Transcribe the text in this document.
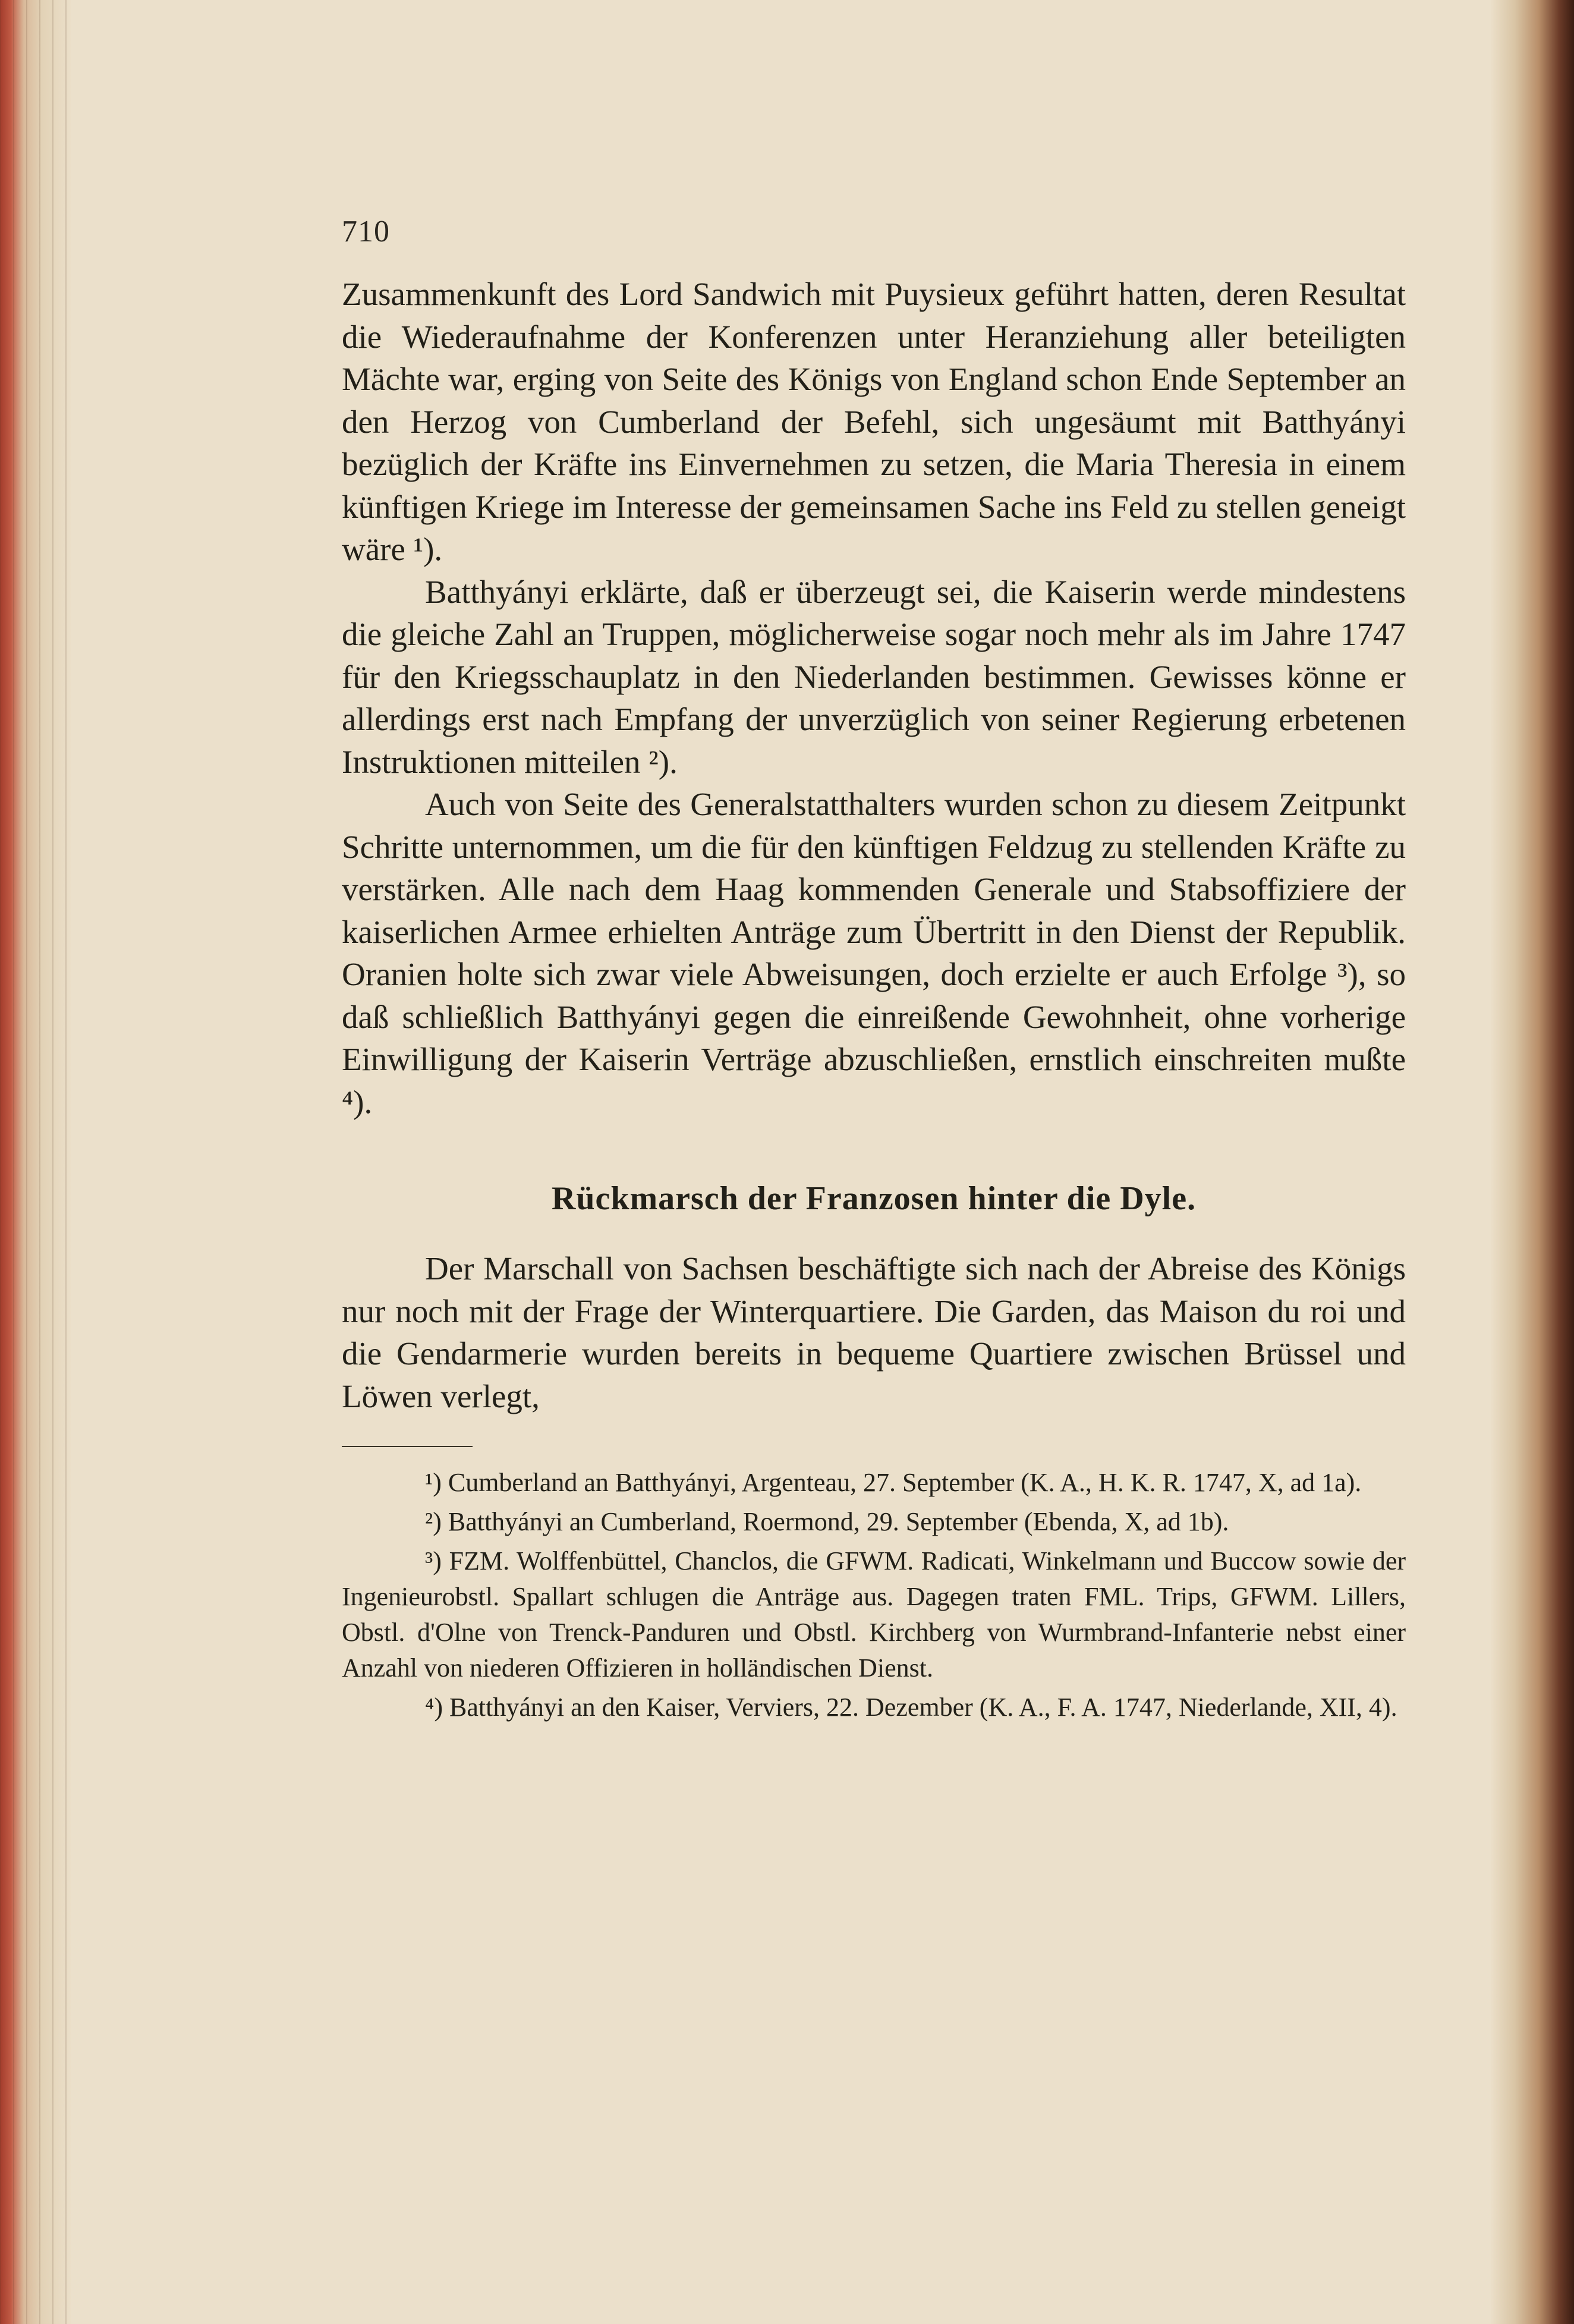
710

Zusammenkunft des Lord Sandwich mit Puysieux geführt hatten, deren Resultat die Wiederaufnahme der Konferenzen unter Heranziehung aller beteiligten Mächte war, erging von Seite des Königs von England schon Ende September an den Herzog von Cumberland der Befehl, sich ungesäumt mit Batthyányi bezüglich der Kräfte ins Einvernehmen zu setzen, die Maria Theresia in einem künftigen Kriege im Interesse der gemeinsamen Sache ins Feld zu stellen geneigt wäre ¹).

Batthyányi erklärte, daß er überzeugt sei, die Kaiserin werde mindestens die gleiche Zahl an Truppen, möglicherweise sogar noch mehr als im Jahre 1747 für den Kriegsschauplatz in den Niederlanden bestimmen. Gewisses könne er allerdings erst nach Empfang der unverzüglich von seiner Regierung erbetenen Instruktionen mitteilen ²).

Auch von Seite des Generalstatthalters wurden schon zu diesem Zeitpunkt Schritte unternommen, um die für den künftigen Feldzug zu stellenden Kräfte zu verstärken. Alle nach dem Haag kommenden Generale und Stabsoffiziere der kaiserlichen Armee erhielten Anträge zum Übertritt in den Dienst der Republik. Oranien holte sich zwar viele Abweisungen, doch erzielte er auch Erfolge ³), so daß schließlich Batthyányi gegen die einreißende Gewohnheit, ohne vorherige Einwilligung der Kaiserin Verträge abzuschließen, ernstlich einschreiten mußte ⁴).

Rückmarsch der Franzosen hinter die Dyle.

Der Marschall von Sachsen beschäftigte sich nach der Abreise des Königs nur noch mit der Frage der Winterquartiere. Die Garden, das Maison du roi und die Gendarmerie wurden bereits in bequeme Quartiere zwischen Brüssel und Löwen verlegt,

¹) Cumberland an Batthyányi, Argenteau, 27. September (K. A., H. K. R. 1747, X, ad 1a).

²) Batthyányi an Cumberland, Roermond, 29. September (Ebenda, X, ad 1b).

³) FZM. Wolffenbüttel, Chanclos, die GFWM. Radicati, Winkelmann und Buccow sowie der Ingenieurobstl. Spallart schlugen die Anträge aus. Dagegen traten FML. Trips, GFWM. Lillers, Obstl. d'Olne von Trenck-Panduren und Obstl. Kirchberg von Wurmbrand-Infanterie nebst einer Anzahl von niederen Offizieren in holländischen Dienst.

⁴) Batthyányi an den Kaiser, Verviers, 22. Dezember (K. A., F. A. 1747, Niederlande, XII, 4).
